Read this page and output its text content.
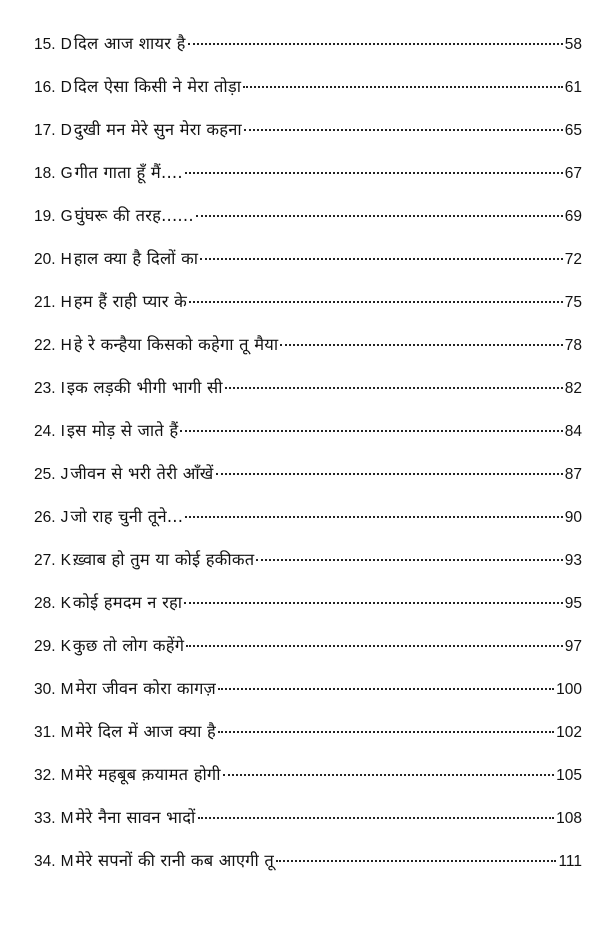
15. D दिल आज शायर है	58
16. D दिल ऐसा किसी ने मेरा तोड़ा	61
17. D दुखी मन मेरे सुन मेरा कहना	65
18. G गीत गाता हूँ मैं....	67
19. G घुंघरू की तरह......	69
20. H हाल क्या है दिलों का	72
21. H हम हैं राही प्यार के	75
22. H हे रे कन्हैया किसको कहेगा तू मैया	78
23. I इक लड़की भीगी भागी सी	82
24. I इस मोड़ से जाते हैं	84
25. J जीवन से भरी तेरी आँखें	87
26. J जो राह चुनी तूने...	90
27. K ख़्वाब हो तुम या कोई हकीकत	93
28. K कोई हमदम न रहा	95
29. K कुछ तो लोग कहेंगे	97
30. M मेरा जीवन कोरा कागज़	100
31. M मेरे दिल में आज क्या है	102
32. M मेरे महबूब क़यामत होगी	105
33. M मेरे नैना सावन भादों	108
34. M मेरे सपनों की रानी कब आएगी तू	111
